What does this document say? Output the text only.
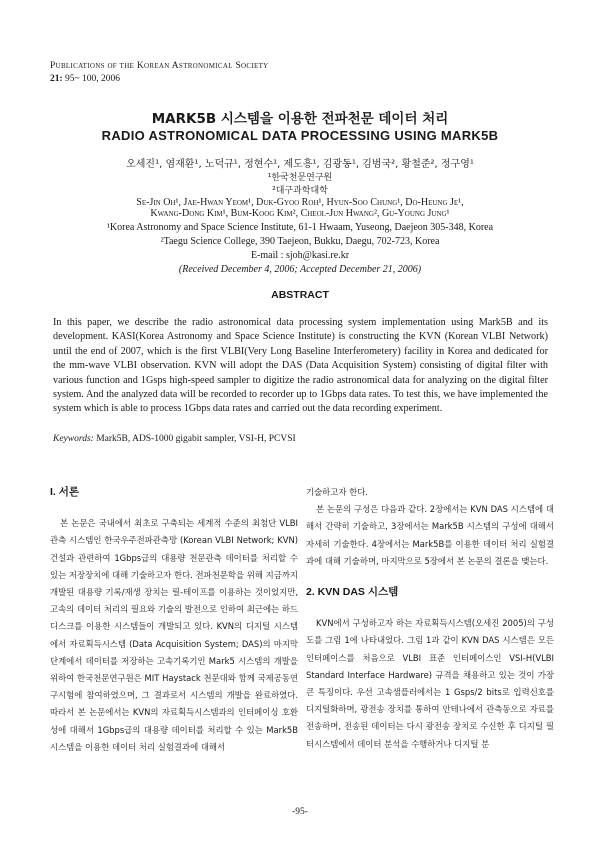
Publications of the Korean Astronomical Society
21: 95~ 100, 2006
MARK5B 시스템을 이용한 전파천문 데이터 처리
RADIO ASTRONOMICAL DATA PROCESSING USING MARK5B
오세진¹, 염재환¹, 노덕규¹, 정현수¹, 제도흥¹, 김광동¹, 김범국², 황철준², 정구영¹
¹한국천문연구원
²대구과학대학
Se-Jin Oh¹, Jae-Hwan Yeom¹, Duk-Gyoo Roh¹, Hyun-Soo Chung¹, Do-Heung Je¹,
Kwang-Dong Kim¹, Bum-Koog Kim², Cheol-Jun Hwang², Gu-Young Jung¹
¹Korea Astronomy and Space Science Institute, 61-1 Hwaam, Yuseong, Daejeon 305-348, Korea
²Taegu Science College, 390 Taejeon, Bukku, Daegu, 702-723, Korea
E-mail : sjoh@kasi.re.kr
(Received December 4, 2006; Accepted December 21, 2006)
ABSTRACT
In this paper, we describe the radio astronomical data processing system implementation using Mark5B and its development. KASI(Korea Astronomy and Space Science Institute) is constructing the KVN (Korean VLBI Network) until the end of 2007, which is the first VLBI(Very Long Baseline Interferometery) facility in Korea and dedicated for the mm-wave VLBI observation. KVN will adopt the DAS (Data Acquisition System) consisting of digital filter with various function and 1Gsps high-speed sampler to digitize the radio astronomical data for analyzing on the digital filter system. And the analyzed data will be recorded to recorder up to 1Gbps data rates. To test this, we have implemented the system which is able to process 1Gbps data rates and carried out the data recording experiment.
Keywords: Mark5B, ADS-1000 gigabit sampler, VSI-H, PCVSI
I. 서론

본 논문은 국내에서 최초로 구축되는 세계적 수준의 최첨단 VLBI 관측 시스템인 한국우주전파관측망 (Korean VLBI Network; KVN) 건설과 관련하여 1Gbps급의 대용량 천문관측 데이터를 처리할 수 있는 저장장치에 대해 기술하고자 한다. 전파천문학을 위해 지금까지 개발된 대용량 기록/재생 장치는 릴-테이프를 이용하는 것이었지만, 고속의 데이터 처리의 필요와 기술의 발전으로 인하여 최근에는 하드디스크를 이용한 시스템들이 개발되고 있다. KVN의 디지털 시스템에서 자료획득시스템 (Data Acquisition System; DAS)의 마지막 단계에서 데이터를 저장하는 고속기록기인 Mark5 시스템의 개발을 위하여 한국천문연구원은 MIT Haystack 천문대와 함께 국제공동연구시험에 참여하였으며, 그 결과로서 시스템의 개발을 완료하였다. 따라서 본 논문에서는 KVN의 자료획득시스템과의 인터페이싱 호환성에 대해서 1Gbps급의 대용량 데이터를 처리할 수 있는 Mark5B 시스템을 이용한 데이터 처리 실험결과에 대해서

기술하고자 한다.

본 논문의 구성은 다음과 같다. 2장에서는 KVN DAS 시스템에 대해서 간략히 기술하고, 3장에서는 Mark5B 시스템의 구성에 대해서 자세히 기술한다. 4장에서는 Mark5B를 이용한 데이터 처리 실험결과에 대해 기술하며, 마지막으로 5장에서 본 논문의 결론을 맺는다.

2. KVN DAS 시스템

KVN에서 구성하고자 하는 자료획득시스템(오세진 2005)의 구성도를 그림 1에 나타내었다. 그림 1과 같이 KVN DAS 시스템은 모든 인터페이스를 처음으로 VLBI 표준 인터페이스인 VSI-H(VLBI Standard Interface Hardware) 규격을 채용하고 있는 것이 가장 큰 특징이다. 우선 고속샘플러에서는 1 Gsps/2 bits로 입력신호를 디지털화하며, 광전송 장치를 통하여 안테나에서 관측동으로 자료를 전송하며, 전송된 데이터는 다시 광전송 장치로 수신한 후 디지털 필터시스템에서 데이터 분석을 수행하거나 디지털 분

-95-
